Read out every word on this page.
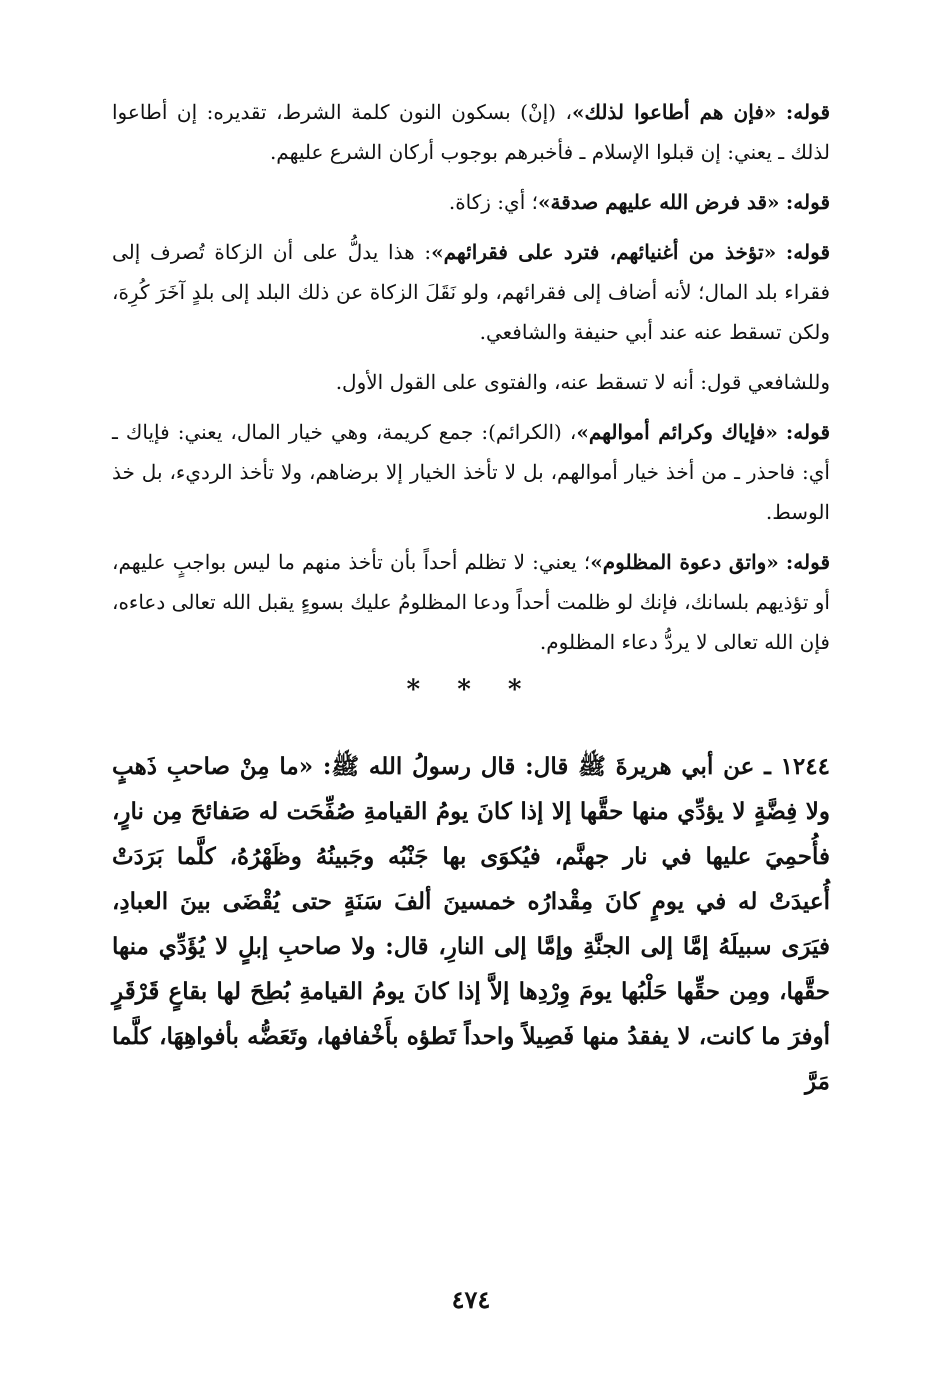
قوله: «فإن هم أطاعوا لذلك»، (إنْ) بسكون النون كلمة الشرط، تقديره: إن أطاعوا لذلك ـ يعني: إن قبلوا الإسلام ـ فأخبرهم بوجوب أركان الشرع عليهم.

قوله: «قد فرض الله عليهم صدقة»؛ أي: زكاة.

قوله: «تؤخذ من أغنيائهم، فترد على فقرائهم»: هذا يدلُّ على أن الزكاة تُصرف إلى فقراء بلد المال؛ لأنه أضاف إلى فقرائهم، ولو نَقَلَ الزكاة عن ذلك البلد إلى بلدٍ آخَرَ كُرِهَ، ولكن تسقط عنه عند أبي حنيفة والشافعي.

وللشافعي قول: أنه لا تسقط عنه، والفتوى على القول الأول.

قوله: «فإياك وكرائم أموالهم»، (الكرائم): جمع كريمة، وهي خيار المال، يعني: فإياك ـ أي: فاحذر ـ من أخذ خيار أموالهم، بل لا تأخذ الخيار إلا برضاهم، ولا تأخذ الرديء، بل خذ الوسط.

قوله: «واتق دعوة المظلوم»؛ يعني: لا تظلم أحداً بأن تأخذ منهم ما ليس بواجبٍ عليهم، أو تؤذيهم بلسانك، فإنك لو ظلمت أحداً ودعا المظلومُ عليك بسوءٍ يقبل الله تعالى دعاءه، فإن الله تعالى لا يردُّ دعاء المظلوم.

* * *

١٢٤٤ ـ عن أبي هريرةَ ﷺ قال: قال رسولُ الله ﷺ: «ما مِنْ صاحبِ ذَهبٍ ولا فِضَّةٍ لا يؤدِّي منها حقَّها إلا إذا كانَ يومُ القيامةِ صُفِّحَت له صَفائحَ مِن نارٍ، فأُحمِيَ عليها في نار جهنَّم، فيُكوَى بها جَنْبُه وجَبينُهُ وظَهْرُهُ، كلَّما بَرَدَتْ أُعيدَتْ له في يومٍ كانَ مِقْدارُه خمسينَ ألفَ سَنَةٍ حتى يُقْضَى بينَ العبادِ، فيَرَى سبيلَهُ إمَّا إلى الجنَّةِ وإمَّا إلى النارِ، قال: ولا صاحبِ إبلٍ لا يُؤَدِّي منها حقَّها، ومِن حقِّها حَلْبُها يومَ وِرْدِها إلاَّ إذا كانَ يومُ القيامةِ بُطِحَ لها بقاعٍ قَرْقَرٍ أوفرَ ما كانت، لا يفقدُ منها فَصِيلاً واحداً تَطؤه بأَخْفافها، وتَعَضُّه بأفواهِهَا، كلَّما مَرَّ

٤٧٤
